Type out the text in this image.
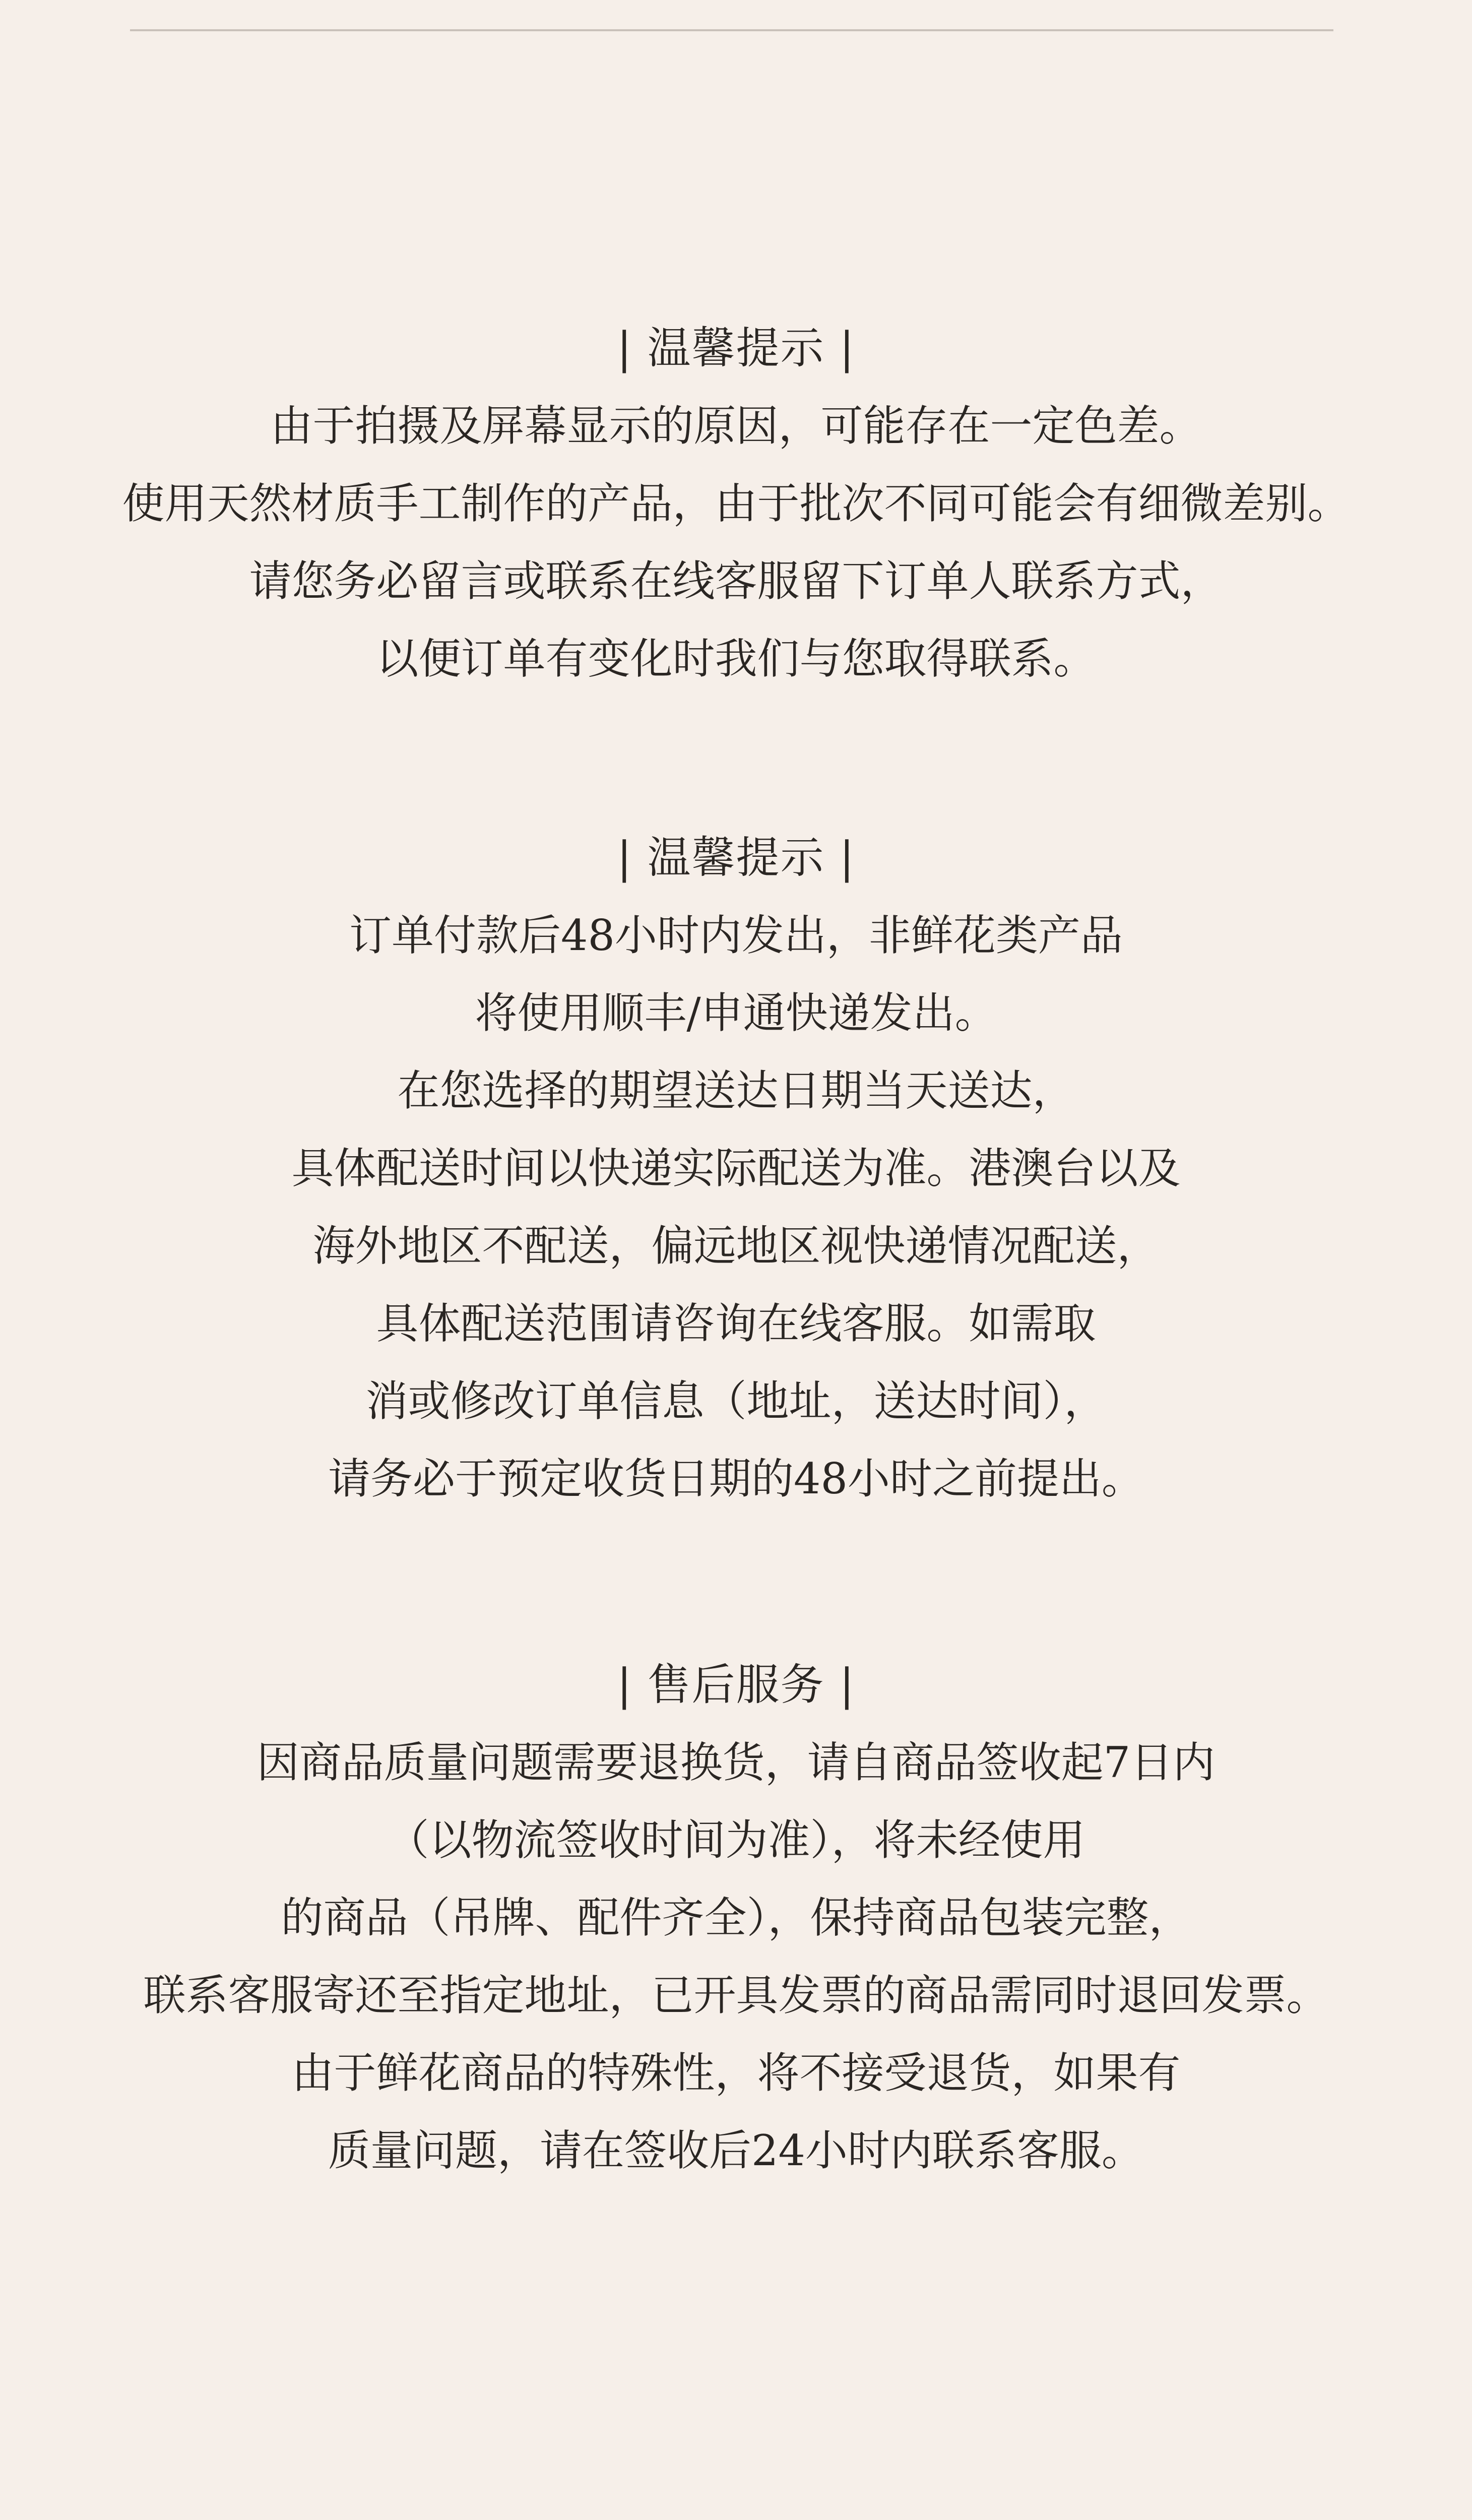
| 温馨提示 |
由于拍摄及屏幕显示的原因，可能存在一定色差。
使用天然材质手工制作的产品，由于批次不同可能会有细微差别。
请您务必留言或联系在线客服留下订单人联系方式，
以便订单有变化时我们与您取得联系。
| 温馨提示 |
订单付款后48小时内发出，非鲜花类产品
将使用顺丰/申通快递发出。
在您选择的期望送达日期当天送达，
具体配送时间以快递实际配送为准。港澳台以及
海外地区不配送，偏远地区视快递情况配送，
具体配送范围请咨询在线客服。如需取
消或修改订单信息（地址，送达时间），
请务必于预定收货日期的48小时之前提出。
| 售后服务 |
因商品质量问题需要退换货，请自商品签收起7日内
（以物流签收时间为准），将未经使用
的商品（吊牌、配件齐全），保持商品包装完整，
联系客服寄还至指定地址，已开具发票的商品需同时退回发票。
由于鲜花商品的特殊性，将不接受退货，如果有
质量问题，请在签收后24小时内联系客服。
